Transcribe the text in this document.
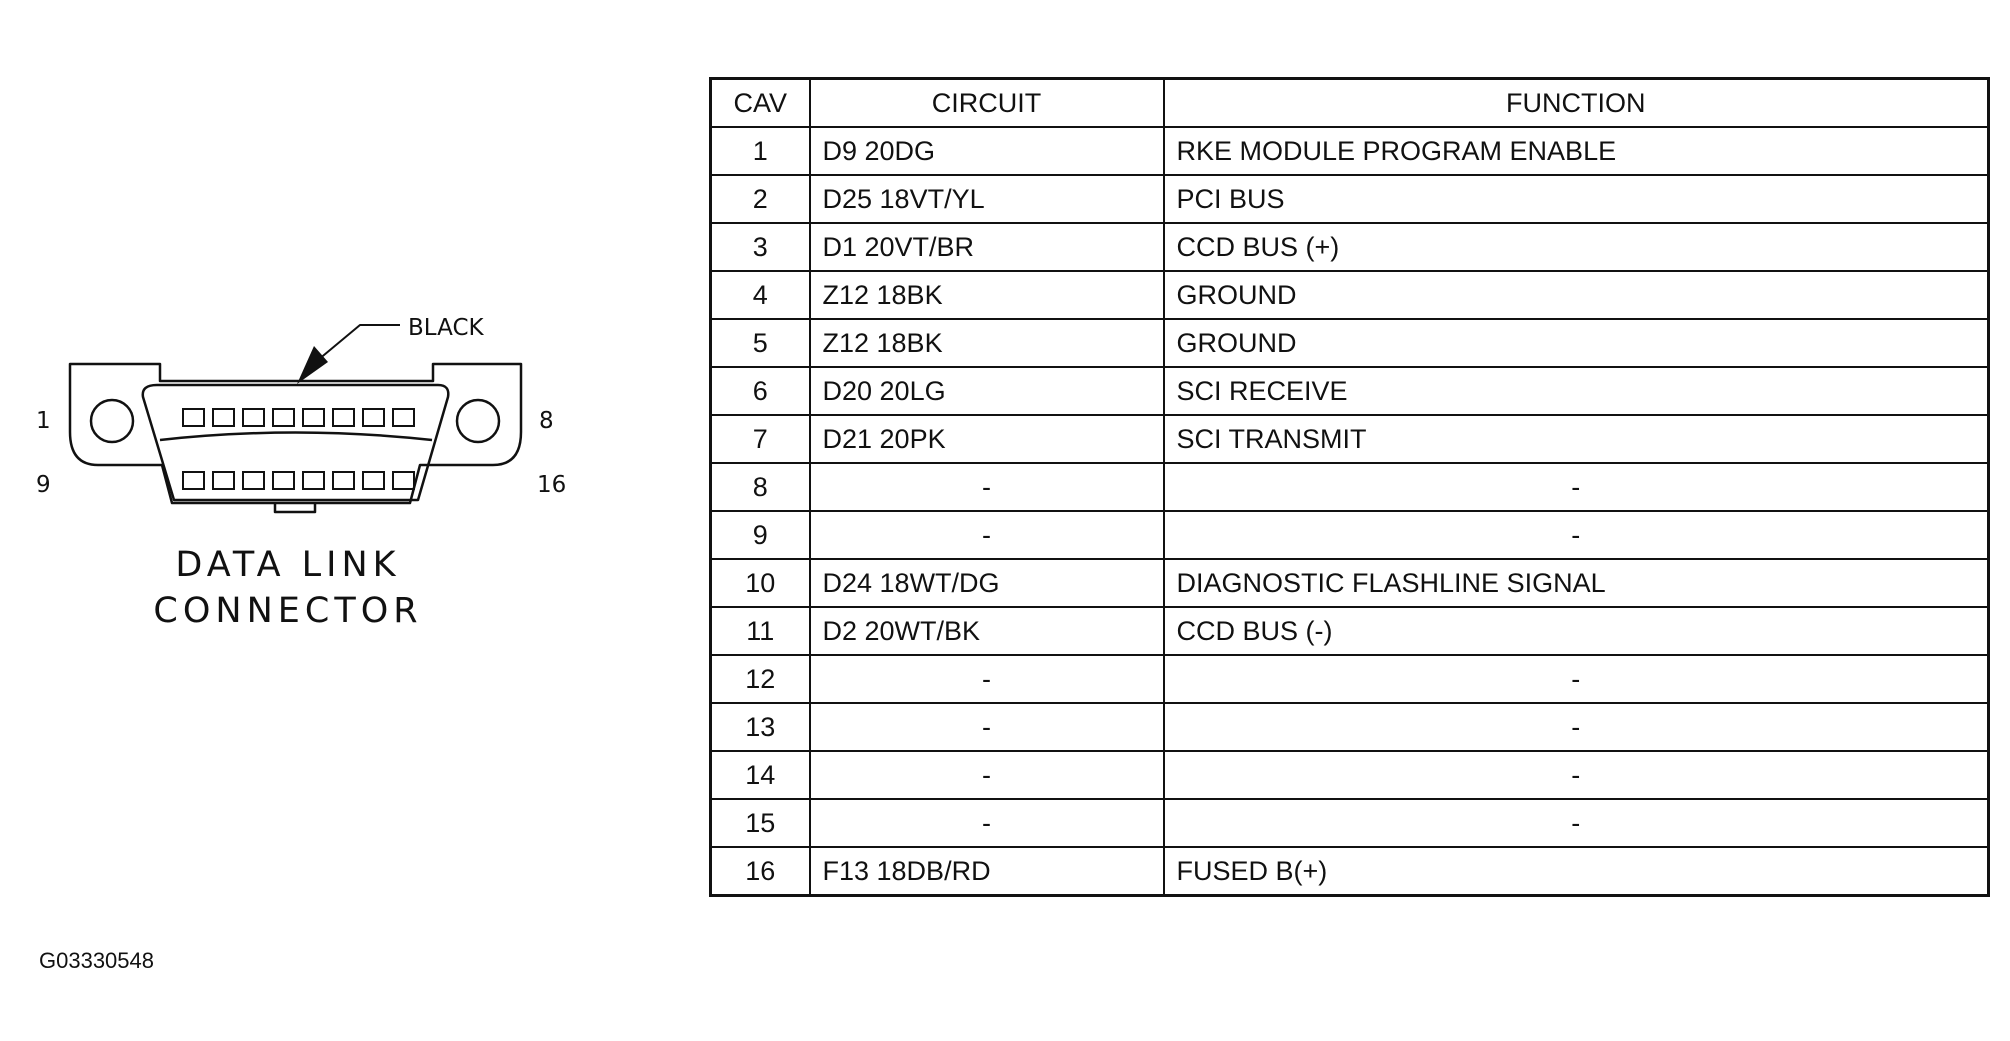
BLACK
1	8
9	16
DATA LINK
CONNECTOR
CAV	CIRCUIT	FUNCTION
1	D9 20DG	RKE MODULE PROGRAM ENABLE
2	D25 18VT/YL	PCI BUS
3	D1 20VT/BR	CCD BUS (+)
4	Z12 18BK	GROUND
5	Z12 18BK	GROUND
6	D20 20LG	SCI RECEIVE
7	D21 20PK	SCI TRANSMIT
8	-	-
9	-	-
10	D24 18WT/DG	DIAGNOSTIC FLASHLINE SIGNAL
11	D2 20WT/BK	CCD BUS (-)
12	-	-
13	-	-
14	-	-
15	-	-
16	F13 18DB/RD	FUSED B(+)
G03330548
